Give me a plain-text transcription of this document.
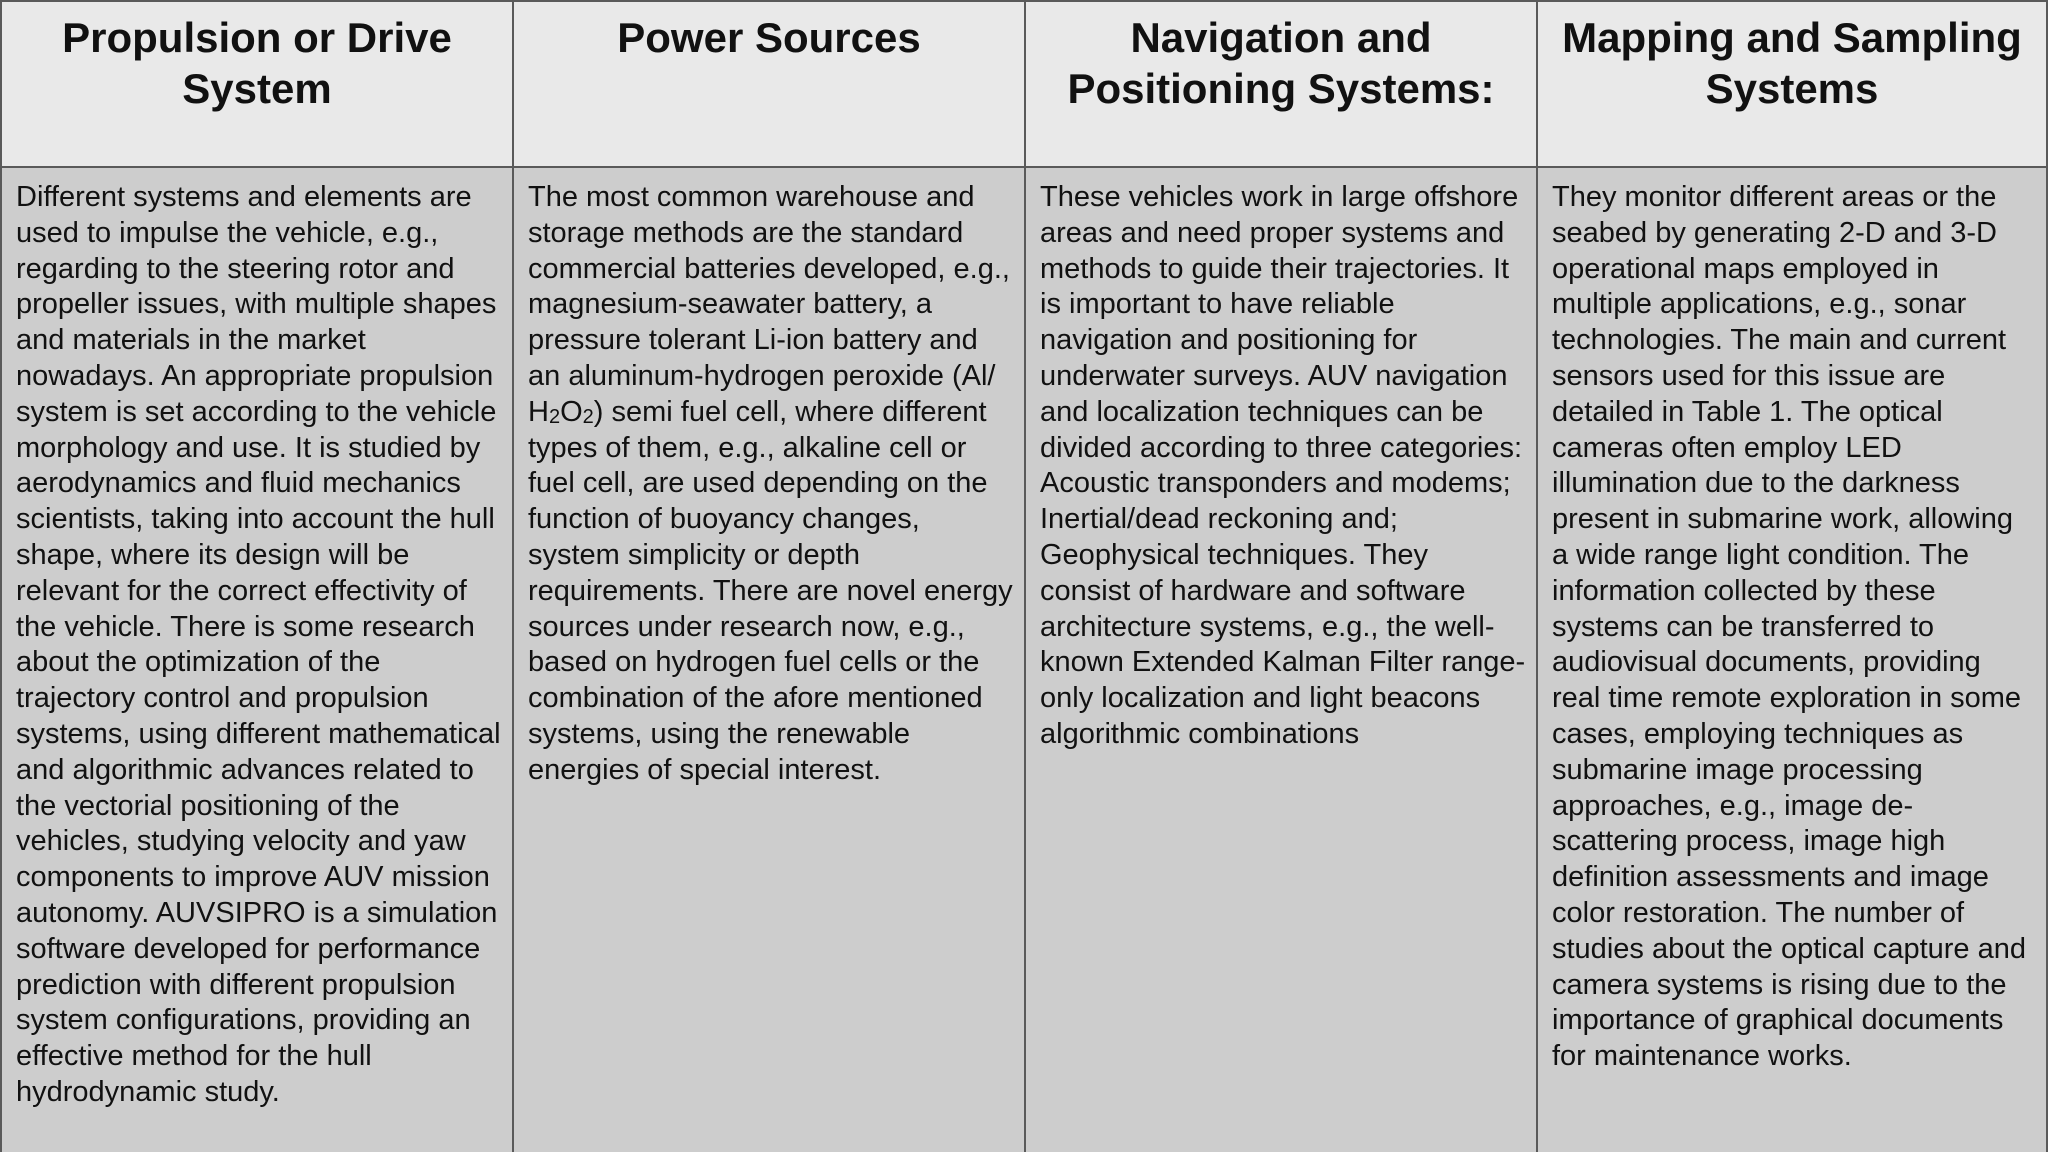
Propulsion or Drive System
Power Sources	Navigation and Positioning Systems:
Mapping and Sampling Systems
Different systems and elements are used to impulse the vehicle, e.g., regarding to the steering rotor and propeller issues, with multiple shapes and materials in the market nowadays. An appropriate propulsion system is set according to the vehicle morphology and use. It is studied by aerodynamics and fluid mechanics scientists, taking into account the hull shape, where its design will be relevant for the correct effectivity of the vehicle. There is some research about the optimization of the trajectory control and propulsion systems, using different mathematical and algorithmic advances related to the vectorial positioning of the vehicles, studying velocity and yaw components to improve AUV mission autonomy. AUVSIPRO is a simulation software developed for performance prediction with different propulsion system configurations, providing an effective method for the hull hydrodynamic study.
The most common warehouse and storage methods are the standard commercial batteries developed, e.g., magnesium-seawater battery, a pressure tolerant Li-ion battery and an aluminum-hydrogen peroxide (Al/ $H_2O_2$) semi fuel cell, where different types of them, e.g., alkaline cell or fuel cell, are used depending on the function of buoyancy changes, system simplicity or depth requirements. There are novel energy sources under research now, e.g., based on hydrogen fuel cells or the combination of the afore mentioned systems, using the renewable energies of special interest.
These vehicles work in large offshore areas and need proper systems and methods to guide their trajectories. It is important to have reliable navigation and positioning for underwater surveys. AUV navigation and localization techniques can be divided according to three categories: Acoustic transponders and modems; Inertial/dead reckoning and; Geophysical techniques. They consist of hardware and software architecture systems, e.g., the well-known Extended Kalman Filter range-only localization and light beacons algorithmic combinations
They monitor different areas or the seabed by generating 2-D and 3-D operational maps employed in multiple applications, e.g., sonar technologies. The main and current sensors used for this issue are detailed in Table 1. The optical cameras often employ LED illumination due to the darkness present in submarine work, allowing a wide range light condition. The information collected by these systems can be transferred to audiovisual documents, providing real time remote exploration in some cases, employing techniques as submarine image processing approaches, e.g., image de-scattering process, image high definition assessments and image color restoration. The number of studies about the optical capture and camera systems is rising due to the importance of graphical documents for maintenance works.
